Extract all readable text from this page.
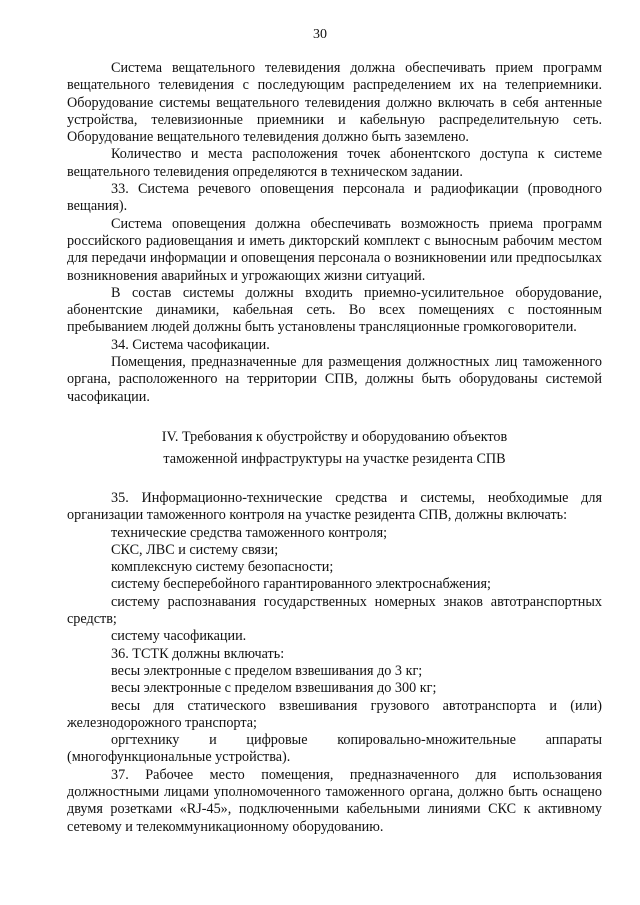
30

Система вещательного телевидения должна обеспечивать прием программ вещательного телевидения с последующим распределением их на телеприемники. Оборудование системы вещательного телевидения должно включать в себя антенные устройства, телевизионные приемники и кабельную распределительную сеть. Оборудование вещательного телевидения должно быть заземлено.

Количество и места расположения точек абонентского доступа к системе вещательного телевидения определяются в техническом задании.

33. Система речевого оповещения персонала и радиофикации (проводного вещания).

Система оповещения должна обеспечивать возможность приема программ российского радиовещания и иметь дикторский комплект с выносным рабочим местом для передачи информации и оповещения персонала о возникновении или предпосылках возникновения аварийных и угрожающих жизни ситуаций.

В состав системы должны входить приемно-усилительное оборудование, абонентские динамики, кабельная сеть. Во всех помещениях с постоянным пребыванием людей должны быть установлены трансляционные громкоговорители.

34. Система часофикации.

Помещения, предназначенные для размещения должностных лиц таможенного органа, расположенного на территории СПВ, должны быть оборудованы системой часофикации.

IV. Требования к обустройству и оборудованию объектов
таможенной инфраструктуры на участке резидента СПВ

35. Информационно-технические средства и системы, необходимые для организации таможенного контроля на участке резидента СПВ, должны включать:

технические средства таможенного контроля;

СКС, ЛВС и систему связи;

комплексную систему безопасности;

систему бесперебойного гарантированного электроснабжения;

систему распознавания государственных номерных знаков автотранспортных средств;

систему часофикации.

36. ТСТК должны включать:

весы электронные с пределом взвешивания до 3 кг;

весы электронные с пределом взвешивания до 300 кг;

весы для статического взвешивания грузового автотранспорта и (или) железнодорожного транспорта;

оргтехнику и цифровые копировально-множительные аппараты (многофункциональные устройства).

37. Рабочее место помещения, предназначенного для использования должностными лицами уполномоченного таможенного органа, должно быть оснащено двумя розетками «RJ-45», подключенными кабельными линиями СКС к активному сетевому и телекоммуникационному оборудованию.
